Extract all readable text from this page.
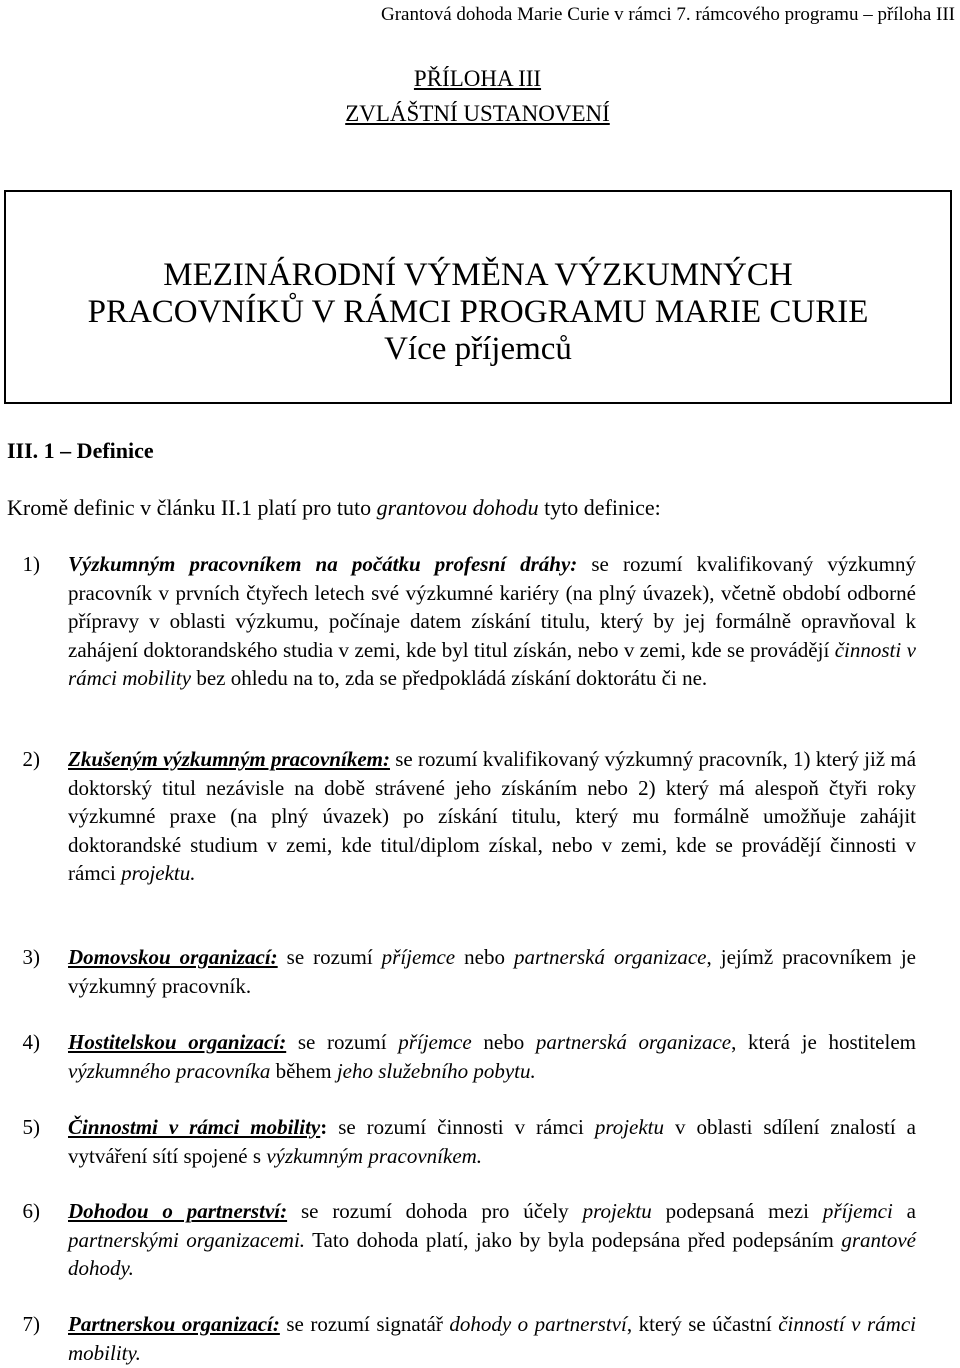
Grantová dohoda Marie Curie v rámci 7. rámcového programu – příloha III
PŘÍLOHA III
ZVLÁŠTNÍ USTANOVENÍ
MEZINÁRODNÍ VÝMĚNA VÝZKUMNÝCH
PRACOVNÍKŮ V RÁMCI PROGRAMU MARIE CURIE
Více příjemců
III. 1 – Definice
Kromě definic v článku II.1 platí pro tuto grantovou dohodu tyto definice:
1) Výzkumným pracovníkem na počátku profesní dráhy: se rozumí kvalifikovaný výzkumný pracovník v prvních čtyřech letech své výzkumné kariéry (na plný úvazek), včetně období odborné přípravy v oblasti výzkumu, počínaje datem získání titulu, který by jej formálně opravňoval k zahájení doktorandského studia v zemi, kde byl titul získán, nebo v zemi, kde se provádějí činnosti v rámci mobility bez ohledu na to, zda se předpokládá získání doktorátu či ne.
2) Zkušeným výzkumným pracovníkem: se rozumí kvalifikovaný výzkumný pracovník, 1) který již má doktorský titul nezávisle na době strávené jeho získáním nebo 2) který má alespoň čtyři roky výzkumné praxe (na plný úvazek) po získání titulu, který mu formálně umožňuje zahájit doktorandské studium v zemi, kde titul/diplom získal, nebo v zemi, kde se provádějí činnosti v rámci projektu.
3) Domovskou organizací: se rozumí příjemce nebo partnerská organizace, jejímž pracovníkem je výzkumný pracovník.
4) Hostitelskou organizací: se rozumí příjemce nebo partnerská organizace, která je hostitelem výzkumného pracovníka během jeho služebního pobytu.
5) Činnostmi v rámci mobility: se rozumí činnosti v rámci projektu v oblasti sdílení znalostí a vytváření sítí spojené s výzkumným pracovníkem.
6) Dohodou o partnerství: se rozumí dohoda pro účely projektu podepsaná mezi příjemci a partnerskými organizacemi. Tato dohoda platí, jako by byla podepsána před podepsáním grantové dohody.
7) Partnerskou organizací: se rozumí signatář dohody o partnerství, který se účastní činností v rámci mobility.
